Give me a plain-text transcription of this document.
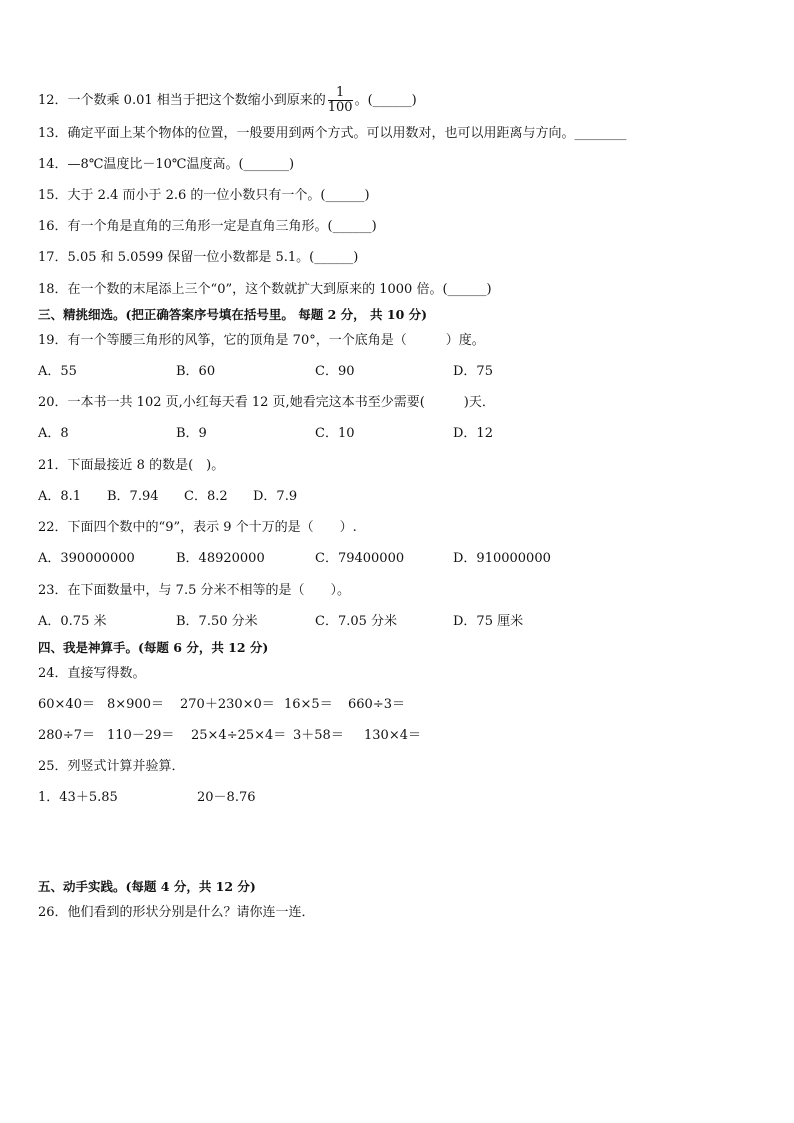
12．一个数乘 0.01 相当于把这个数缩小到原来的 $\frac{1}{100}$ 。(______)
13．确定平面上某个物体的位置，一般要用到两个方式。可以用数对，也可以用距离与方向。________
14．—8℃温度比－10℃温度高。(_______)
15．大于 2.4 而小于 2.6 的一位小数只有一个。(______)
16．有一个角是直角的三角形一定是直角三角形。(______)
17．5.05 和 5.0599 保留一位小数都是 5.1。(______)
18．在一个数的末尾添上三个“0”，这个数就扩大到原来的 1000 倍。(______)
三、精挑细选。(把正确答案序号填在括号里。 每题 2 分， 共 10 分)
19．有一个等腰三角形的风筝，它的顶角是 70°，一个底角是（　　　）度。
A．55	B．60	C．90	D．75
20．一本书一共 102 页,小红每天看 12 页,她看完这本书至少需要(　　　)天．
A．8	B．9	C．10	D．12
21．下面最接近 8 的数是(　)。
A．8.1 B．7.94 C．8.2 D．7.9
22．下面四个数中的“9”，表示 9 个十万的是（　　）.
A．390000000	B．48920000	C．79400000	D．910000000
23．在下面数量中，与 7.5 分米不相等的是（　　）。
A．0.75 米	B．7.50 分米	C．7.05 分米	D．75 厘米
四、我是神算手。(每题 6 分，共 12 分)
24．直接写得数。
60×40＝ 8×900＝ 270＋230×0＝ 16×5＝ 660÷3＝
280÷7＝ 110－29＝ 25×4÷25×4＝ 3＋58＝ 130×4＝
25．列竖式计算并验算．
1．43＋5.85	20－8.76
五、动手实践。(每题 4 分，共 12 分)
26．他们看到的形状分别是什么？请你连一连．
